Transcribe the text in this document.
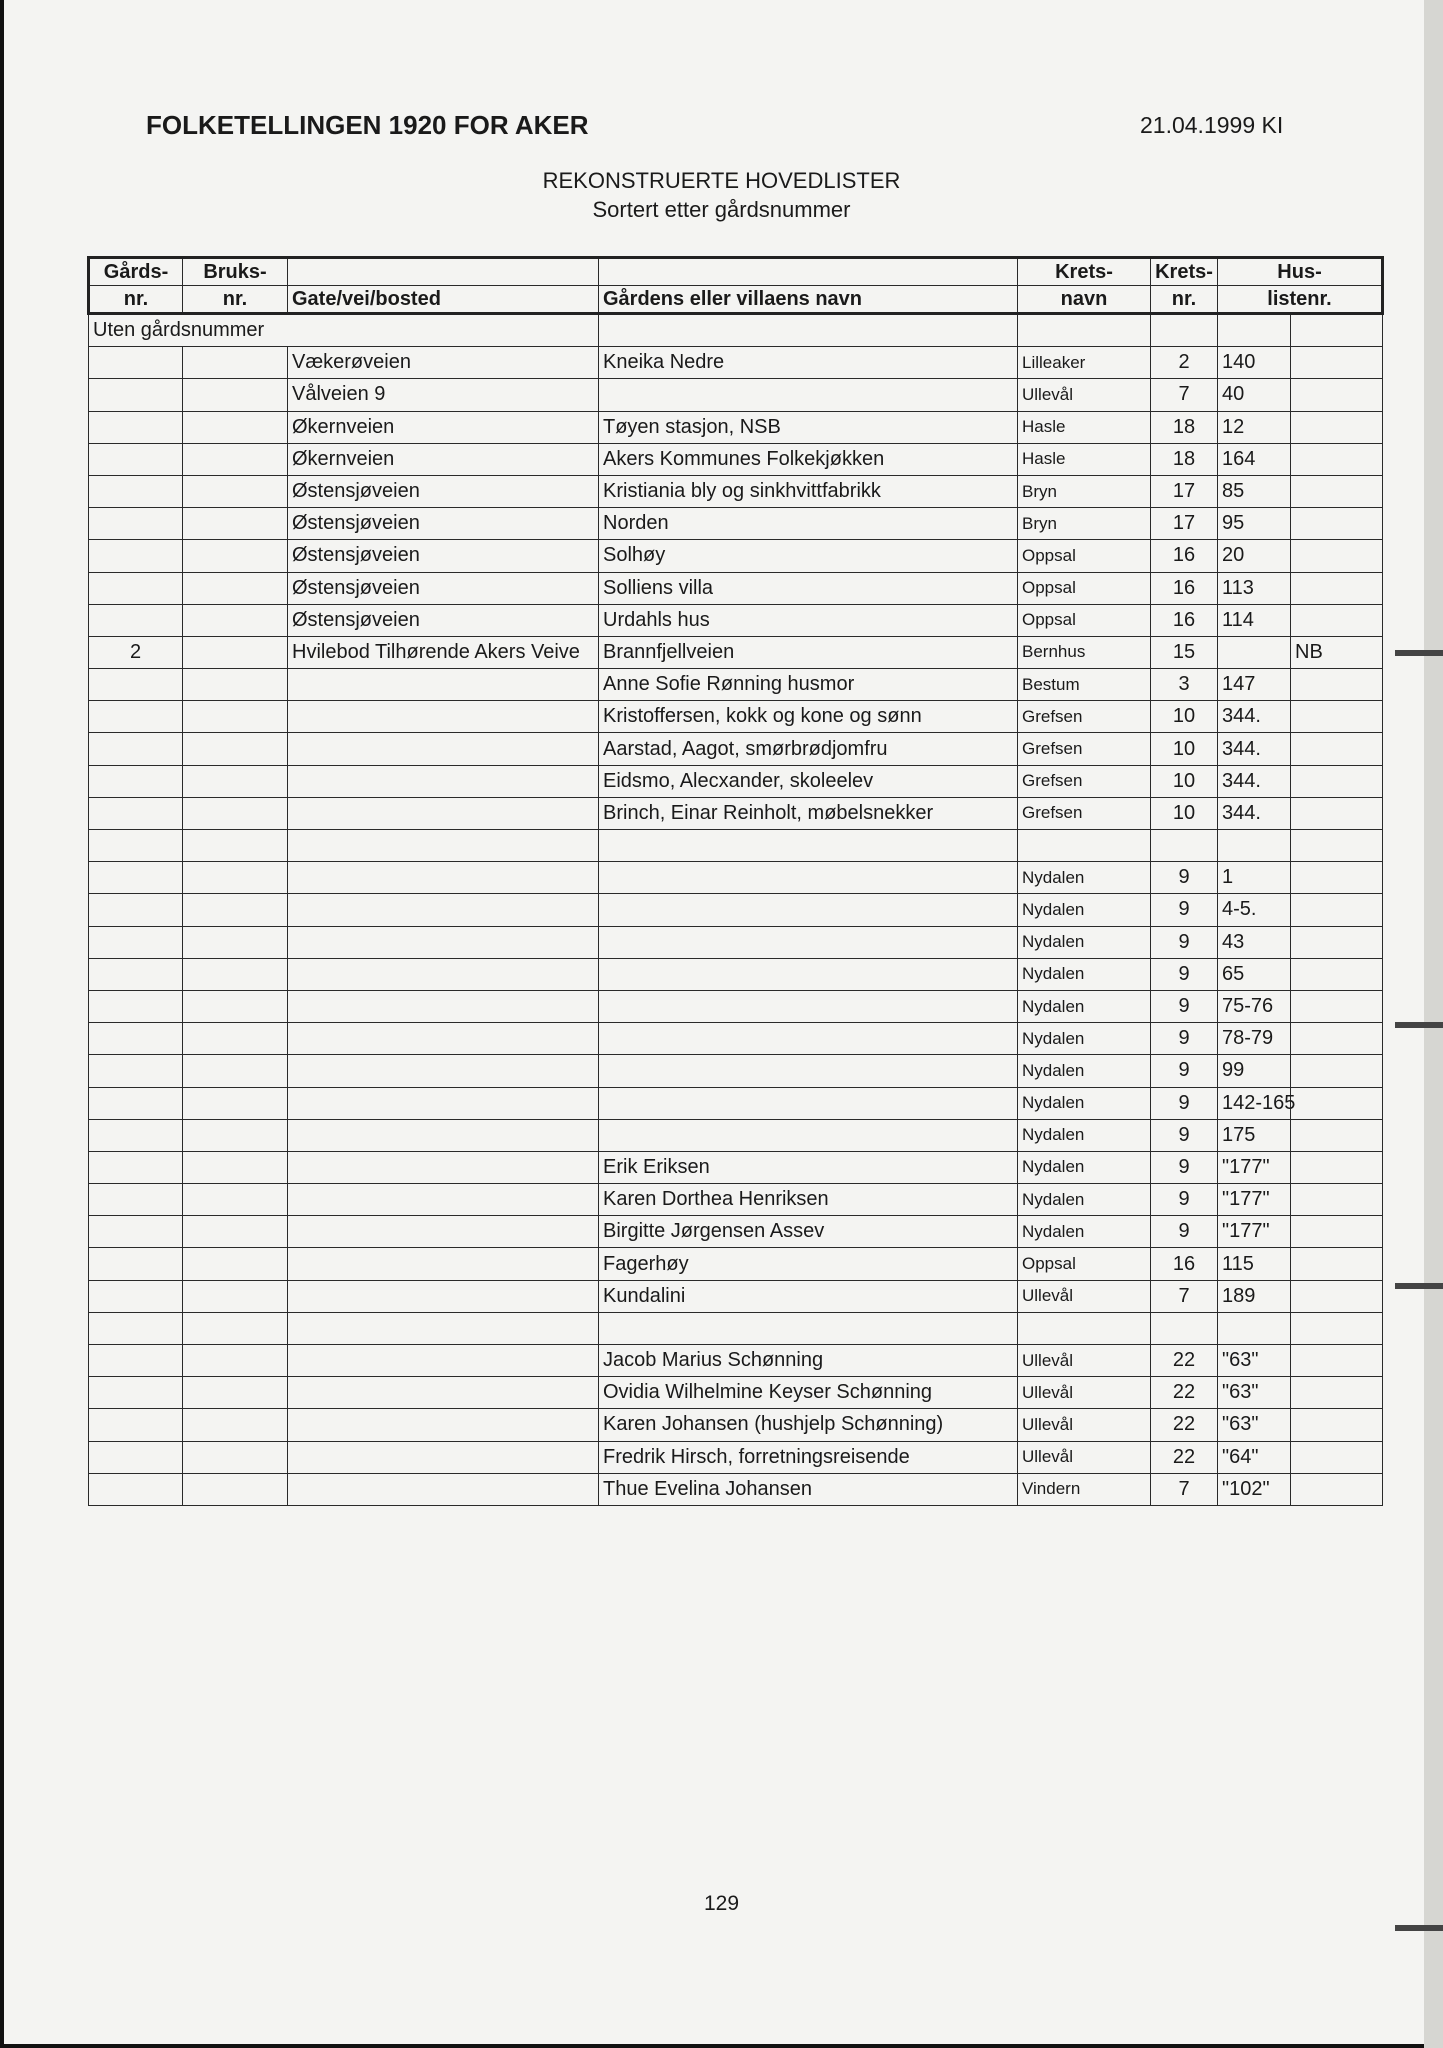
FOLKETELLINGEN 1920 FOR AKER	21.04.1999 KI
REKONSTRUERTE HOVEDLISTER
Sortert etter gårdsnummer
Gårds-	Bruks-			Krets-	Krets-	Hus-	
nr.	nr.	Gate/vei/bosted	Gårdens eller villaens navn	navn	nr.	listenr.	
Uten gårdsnummer							
		Vækerøveien	Kneika Nedre	Lilleaker	2	140	
		Vålveien 9		Ullevål	7	40	
		Økernveien	Tøyen stasjon, NSB	Hasle	18	12	
		Økernveien	Akers Kommunes Folkekjøkken	Hasle	18	164	
		Østensjøveien	Kristiania bly og sinkhvittfabrikk	Bryn	17	85	
		Østensjøveien	Norden	Bryn	17	95	
		Østensjøveien	Solhøy	Oppsal	16	20	
		Østensjøveien	Solliens villa	Oppsal	16	113	
		Østensjøveien	Urdahls hus	Oppsal	16	114	
2		Hvilebod Tilhørende Akers Veive	Brannfjellveien	Bernhus	15		NB
			Anne Sofie Rønning husmor	Bestum	3	147	
			Kristoffersen, kokk og kone og sønn	Grefsen	10	344.	
			Aarstad, Aagot, smørbrødjomfru	Grefsen	10	344.	
			Eidsmo, Alecxander, skoleelev	Grefsen	10	344.	
			Brinch, Einar Reinholt, møbelsnekker	Grefsen	10	344.	

				Nydalen	9	1	
				Nydalen	9	4-5.	
				Nydalen	9	43	
				Nydalen	9	65	
				Nydalen	9	75-76	
				Nydalen	9	78-79	
				Nydalen	9	99	
				Nydalen	9	142-165	
				Nydalen	9	175	
			Erik Eriksen	Nydalen	9	"177"	
			Karen Dorthea Henriksen	Nydalen	9	"177"	
			Birgitte Jørgensen Assev	Nydalen	9	"177"	
			Fagerhøy	Oppsal	16	115	
			Kundalini	Ullevål	7	189	

			Jacob Marius Schønning	Ullevål	22	"63"	
			Ovidia Wilhelmine Keyser Schønning	Ullevål	22	"63"	
			Karen Johansen (hushjelp Schønning)	Ullevål	22	"63"	
			Fredrik Hirsch, forretningsreisende	Ullevål	22	"64"	
			Thue Evelina Johansen	Vindern	7	"102"	
129
